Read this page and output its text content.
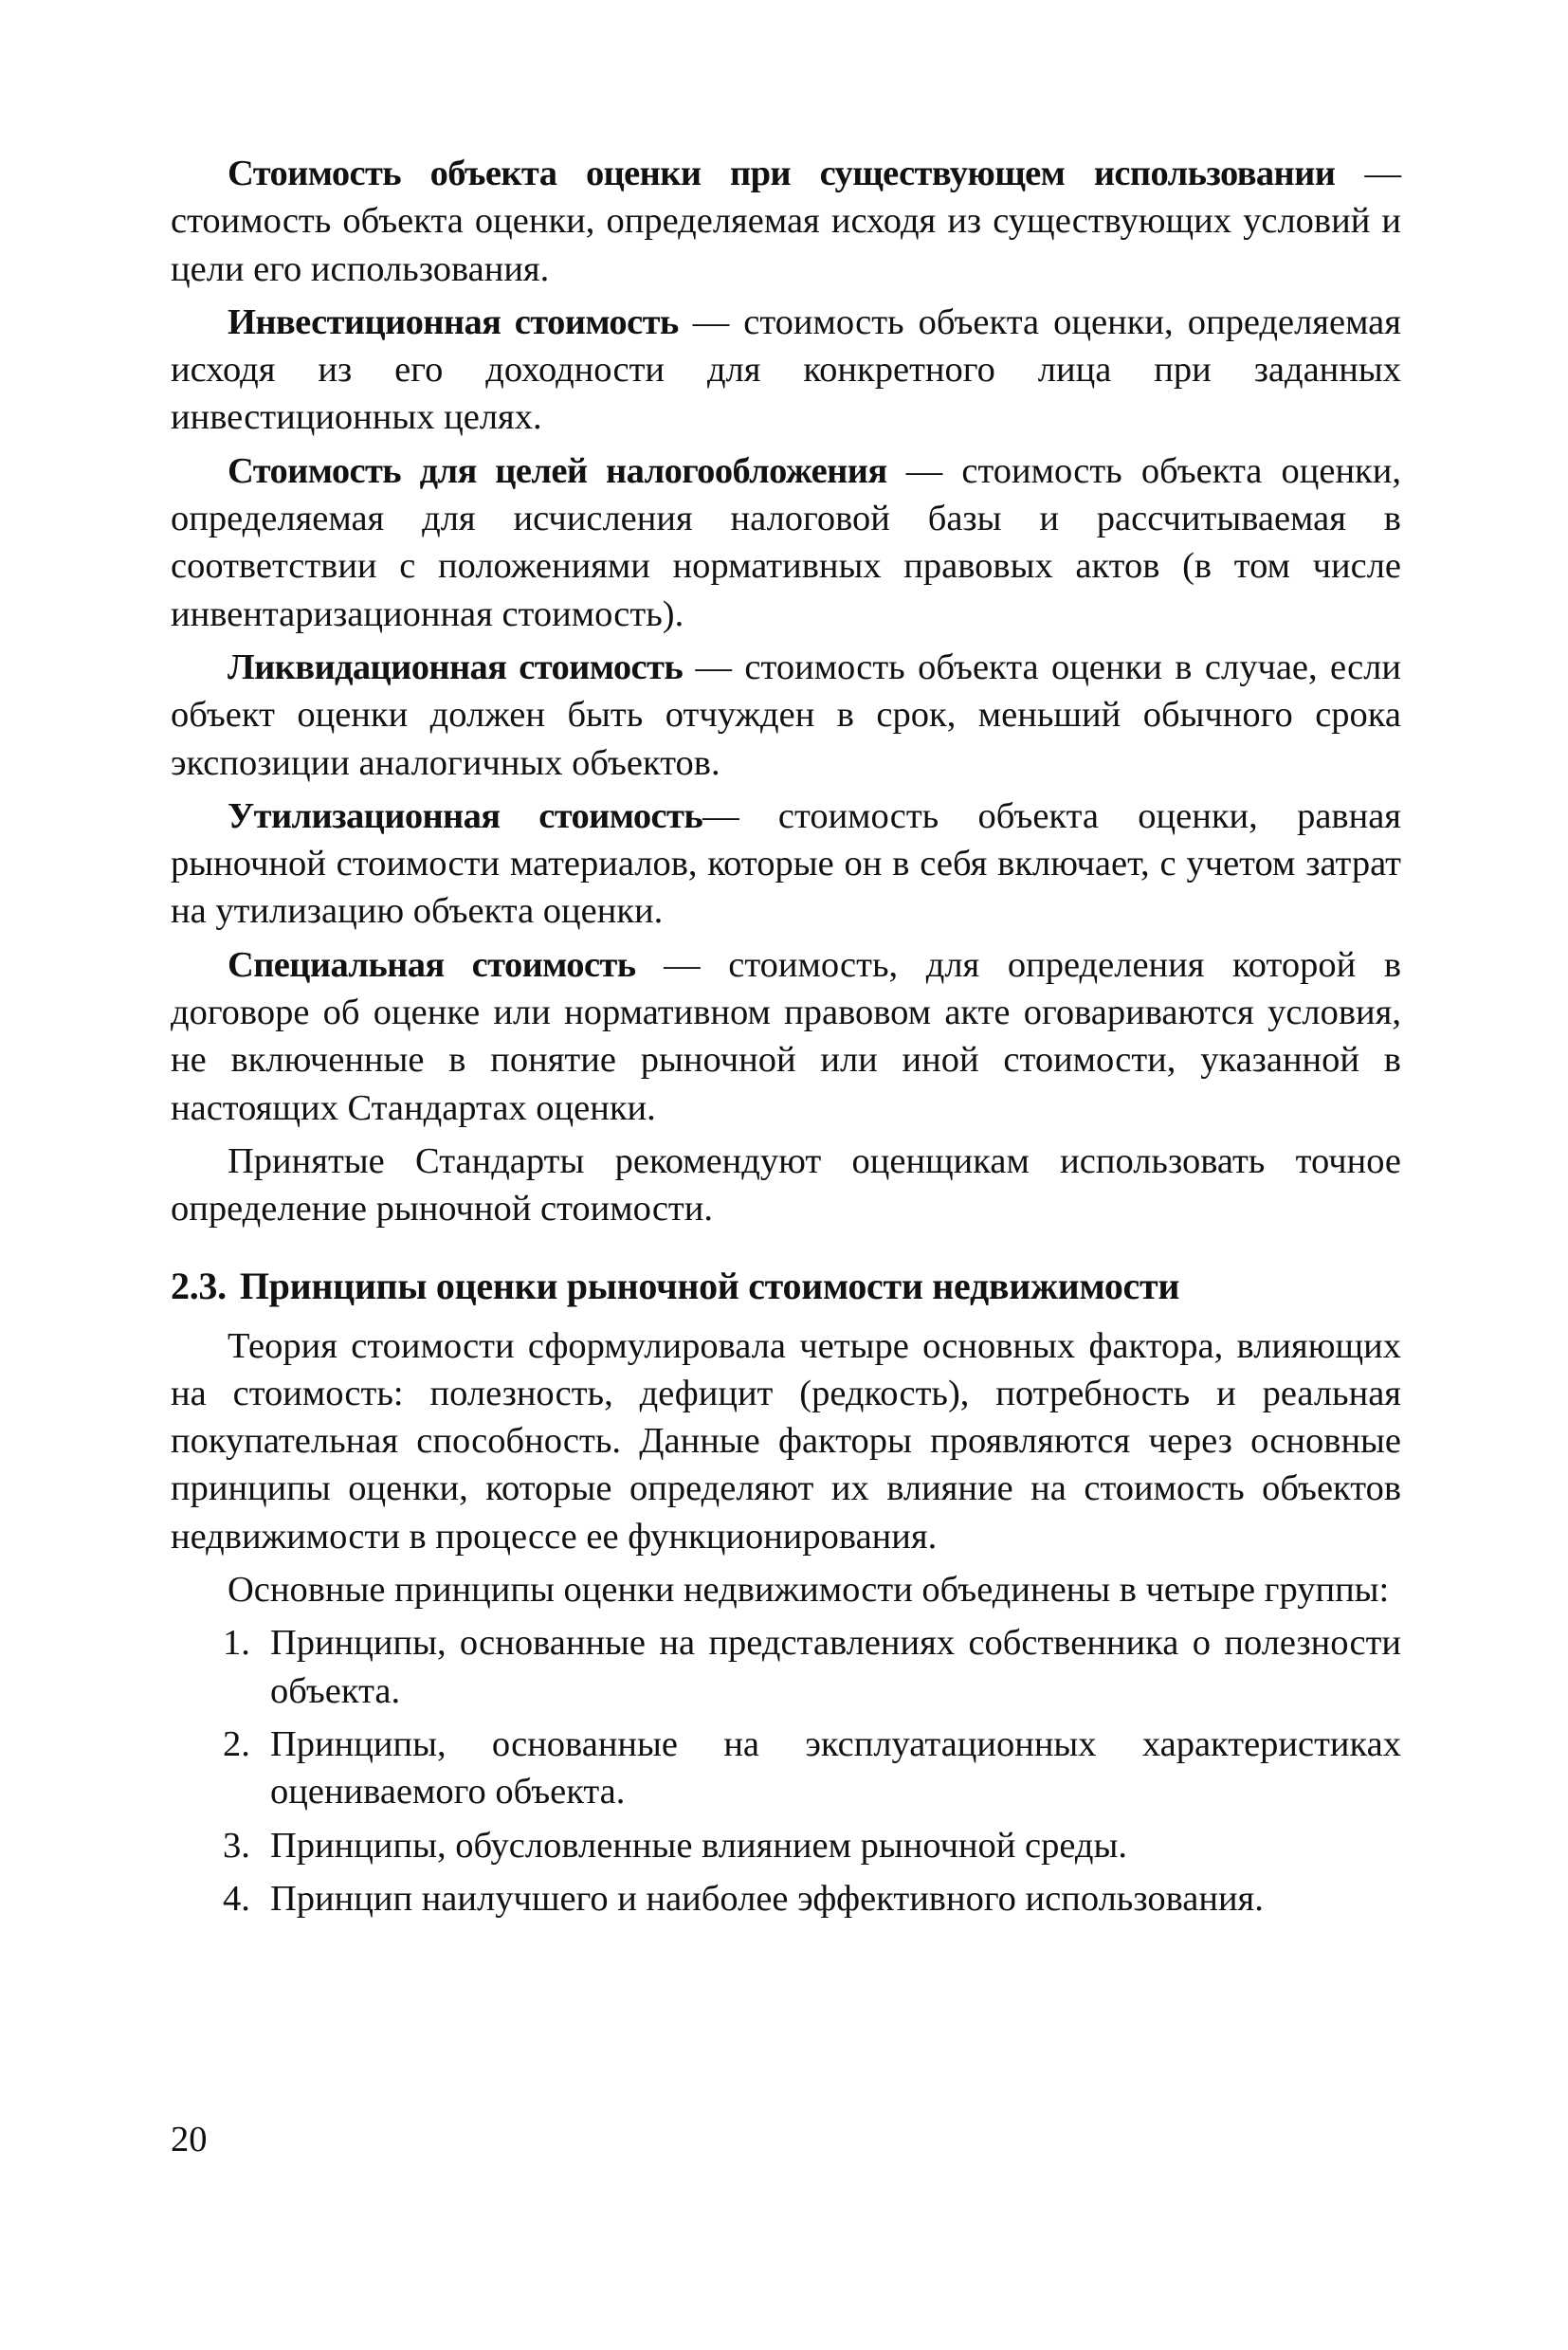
Стоимость объекта оценки при существующем использовании — стоимость объекта оценки, определяемая исходя из существующих условий и цели его использования.

Инвестиционная стоимость — стоимость объекта оценки, определяемая исходя из его доходности для конкретного лица при заданных инвестиционных целях.

Стоимость для целей налогообложения — стоимость объекта оценки, определяемая для исчисления налоговой базы и рассчитываемая в соответствии с положениями нормативных правовых актов (в том числе инвентаризационная стоимость).

Ликвидационная стоимость — стоимость объекта оценки в случае, если объект оценки должен быть отчужден в срок, меньший обычного срока экспозиции аналогичных объектов.

Утилизационная стоимость— стоимость объекта оценки, равная рыночной стоимости материалов, которые он в себя включает, с учетом затрат на утилизацию объекта оценки.

Специальная стоимость — стоимость, для определения которой в договоре об оценке или нормативном правовом акте оговариваются условия, не включенные в понятие рыночной или иной стоимости, указанной в настоящих Стандартах оценки.

Принятые Стандарты рекомендуют оценщикам использовать точное определение рыночной стоимости.

2.3. Принципы оценки рыночной стоимости недвижимости

Теория стоимости сформулировала четыре основных фактора, влияющих на стоимость: полезность, дефицит (редкость), потребность и реальная покупательная способность. Данные факторы проявляются через основные принципы оценки, которые определяют их влияние на стоимость объектов недвижимости в процессе ее функционирования.

Основные принципы оценки недвижимости объединены в четыре группы:

1. Принципы, основанные на представлениях собственника о полезности объекта.
2. Принципы, основанные на эксплуатационных характеристиках оцениваемого объекта.
3. Принципы, обусловленные влиянием рыночной среды.
4. Принцип наилучшего и наиболее эффективного использования.
20
